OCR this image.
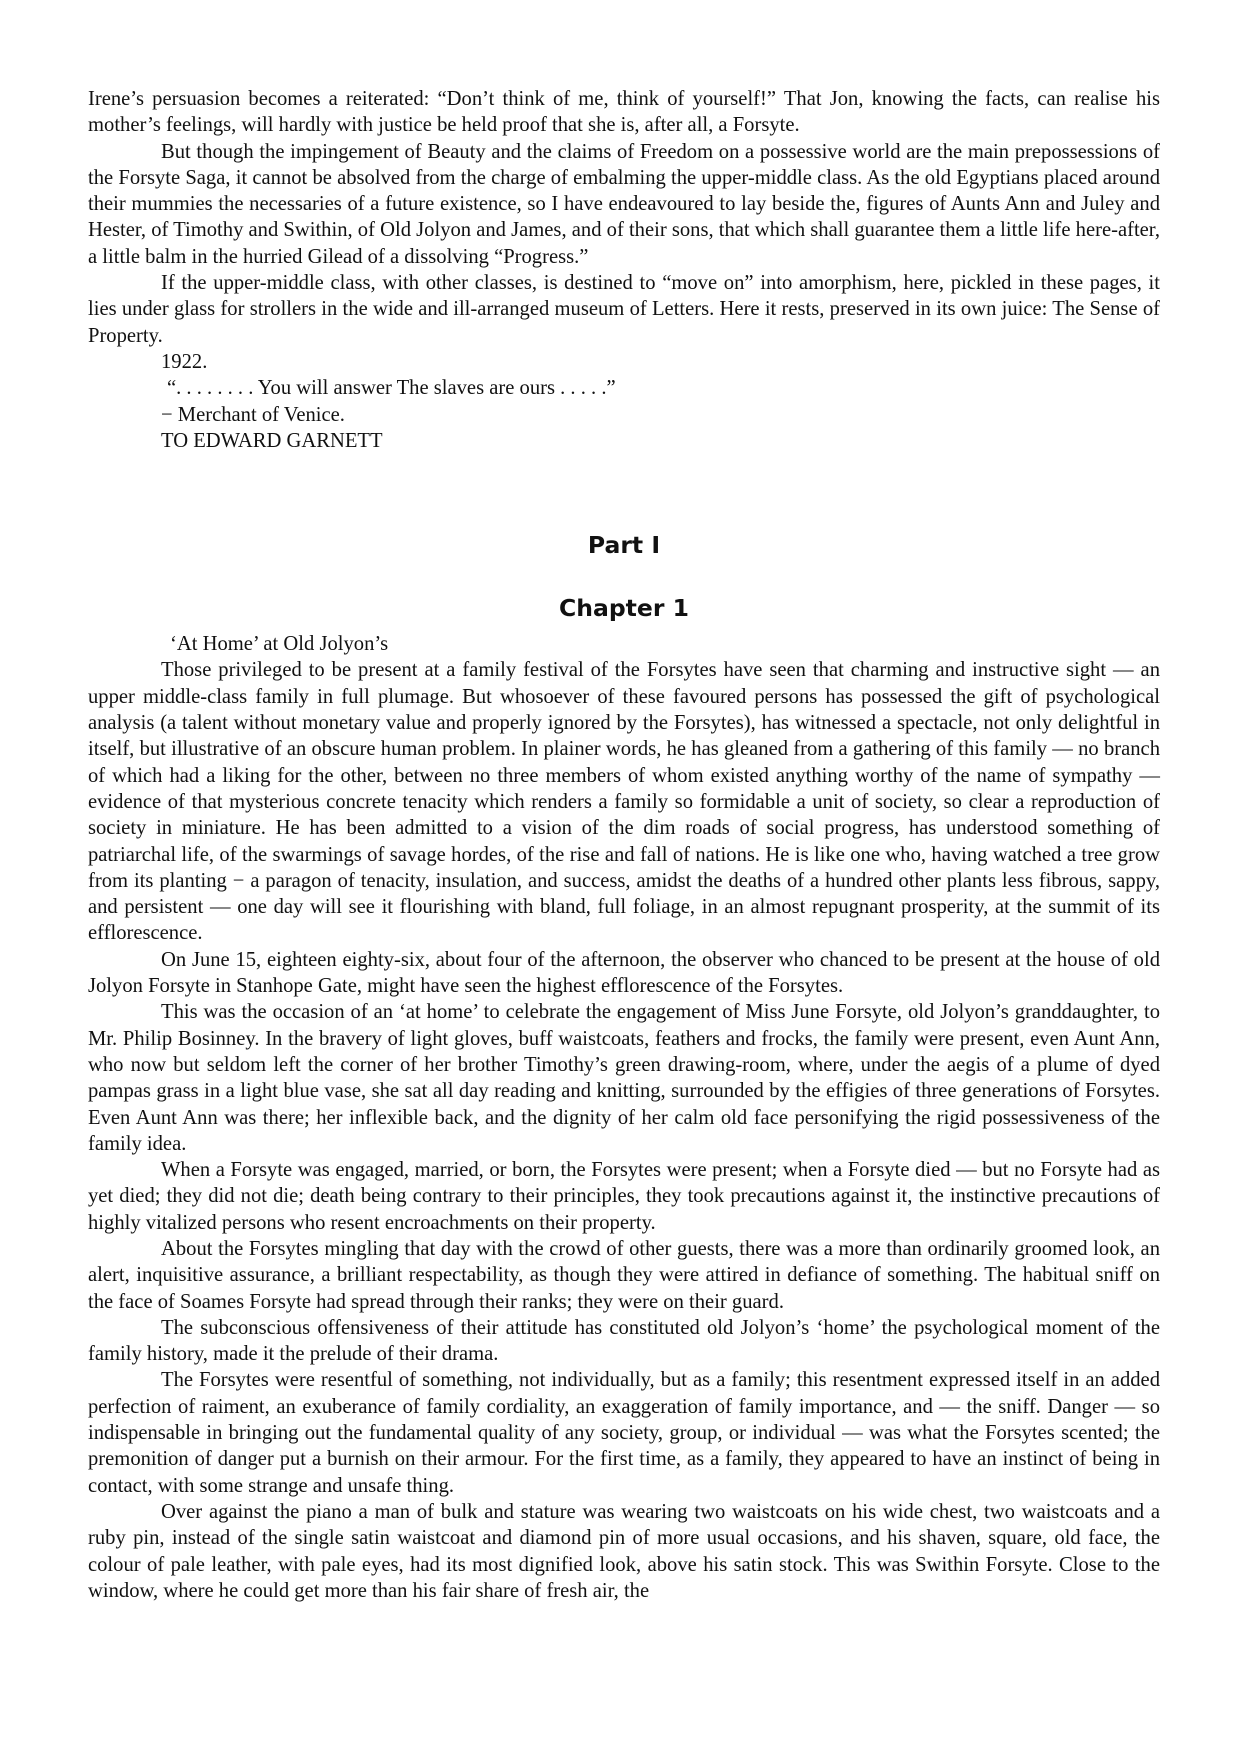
Irene’s persuasion becomes a reiterated: “Don’t think of me, think of yourself!” That Jon, knowing the facts, can realise his mother’s feelings, will hardly with justice be held proof that she is, after all, a Forsyte.

But though the impingement of Beauty and the claims of Freedom on a possessive world are the main prepossessions of the Forsyte Saga, it cannot be absolved from the charge of embalming the upper-middle class. As the old Egyptians placed around their mummies the necessaries of a future existence, so I have endeavoured to lay beside the, figures of Aunts Ann and Juley and Hester, of Timothy and Swithin, of Old Jolyon and James, and of their sons, that which shall guarantee them a little life here-after, a little balm in the hurried Gilead of a dissolving “Progress.”

If the upper-middle class, with other classes, is destined to “move on” into amorphism, here, pickled in these pages, it lies under glass for strollers in the wide and ill-arranged museum of Letters. Here it rests, preserved in its own juice: The Sense of Property.

1922.

“. . . . . . . . You will answer The slaves are ours . . . . .”

− Merchant of Venice.

TO EDWARD GARNETT

Part I
Chapter 1

‘At Home’ at Old Jolyon’s

Those privileged to be present at a family festival of the Forsytes have seen that charming and instructive sight — an upper middle-class family in full plumage. But whosoever of these favoured persons has possessed the gift of psychological analysis (a talent without monetary value and properly ignored by the Forsytes), has witnessed a spectacle, not only delightful in itself, but illustrative of an obscure human problem. In plainer words, he has gleaned from a gathering of this family — no branch of which had a liking for the other, between no three members of whom existed anything worthy of the name of sympathy — evidence of that mysterious concrete tenacity which renders a family so formidable a unit of society, so clear a reproduction of society in miniature. He has been admitted to a vision of the dim roads of social progress, has understood something of patriarchal life, of the swarmings of savage hordes, of the rise and fall of nations. He is like one who, having watched a tree grow from its planting − a paragon of tenacity, insulation, and success, amidst the deaths of a hundred other plants less fibrous, sappy, and persistent — one day will see it flourishing with bland, full foliage, in an almost repugnant prosperity, at the summit of its efflorescence.

On June 15, eighteen eighty-six, about four of the afternoon, the observer who chanced to be present at the house of old Jolyon Forsyte in Stanhope Gate, might have seen the highest efflorescence of the Forsytes.

This was the occasion of an ‘at home’ to celebrate the engagement of Miss June Forsyte, old Jolyon’s granddaughter, to Mr. Philip Bosinney. In the bravery of light gloves, buff waistcoats, feathers and frocks, the family were present, even Aunt Ann, who now but seldom left the corner of her brother Timothy’s green drawing-room, where, under the aegis of a plume of dyed pampas grass in a light blue vase, she sat all day reading and knitting, surrounded by the effigies of three generations of Forsytes. Even Aunt Ann was there; her inflexible back, and the dignity of her calm old face personifying the rigid possessiveness of the family idea.

When a Forsyte was engaged, married, or born, the Forsytes were present; when a Forsyte died — but no Forsyte had as yet died; they did not die; death being contrary to their principles, they took precautions against it, the instinctive precautions of highly vitalized persons who resent encroachments on their property.

About the Forsytes mingling that day with the crowd of other guests, there was a more than ordinarily groomed look, an alert, inquisitive assurance, a brilliant respectability, as though they were attired in defiance of something. The habitual sniff on the face of Soames Forsyte had spread through their ranks; they were on their guard.

The subconscious offensiveness of their attitude has constituted old Jolyon’s ‘home’ the psychological moment of the family history, made it the prelude of their drama.

The Forsytes were resentful of something, not individually, but as a family; this resentment expressed itself in an added perfection of raiment, an exuberance of family cordiality, an exaggeration of family importance, and — the sniff. Danger — so indispensable in bringing out the fundamental quality of any society, group, or individual — was what the Forsytes scented; the premonition of danger put a burnish on their armour. For the first time, as a family, they appeared to have an instinct of being in contact, with some strange and unsafe thing.

Over against the piano a man of bulk and stature was wearing two waistcoats on his wide chest, two waistcoats and a ruby pin, instead of the single satin waistcoat and diamond pin of more usual occasions, and his shaven, square, old face, the colour of pale leather, with pale eyes, had its most dignified look, above his satin stock. This was Swithin Forsyte. Close to the window, where he could get more than his fair share of fresh air, the
